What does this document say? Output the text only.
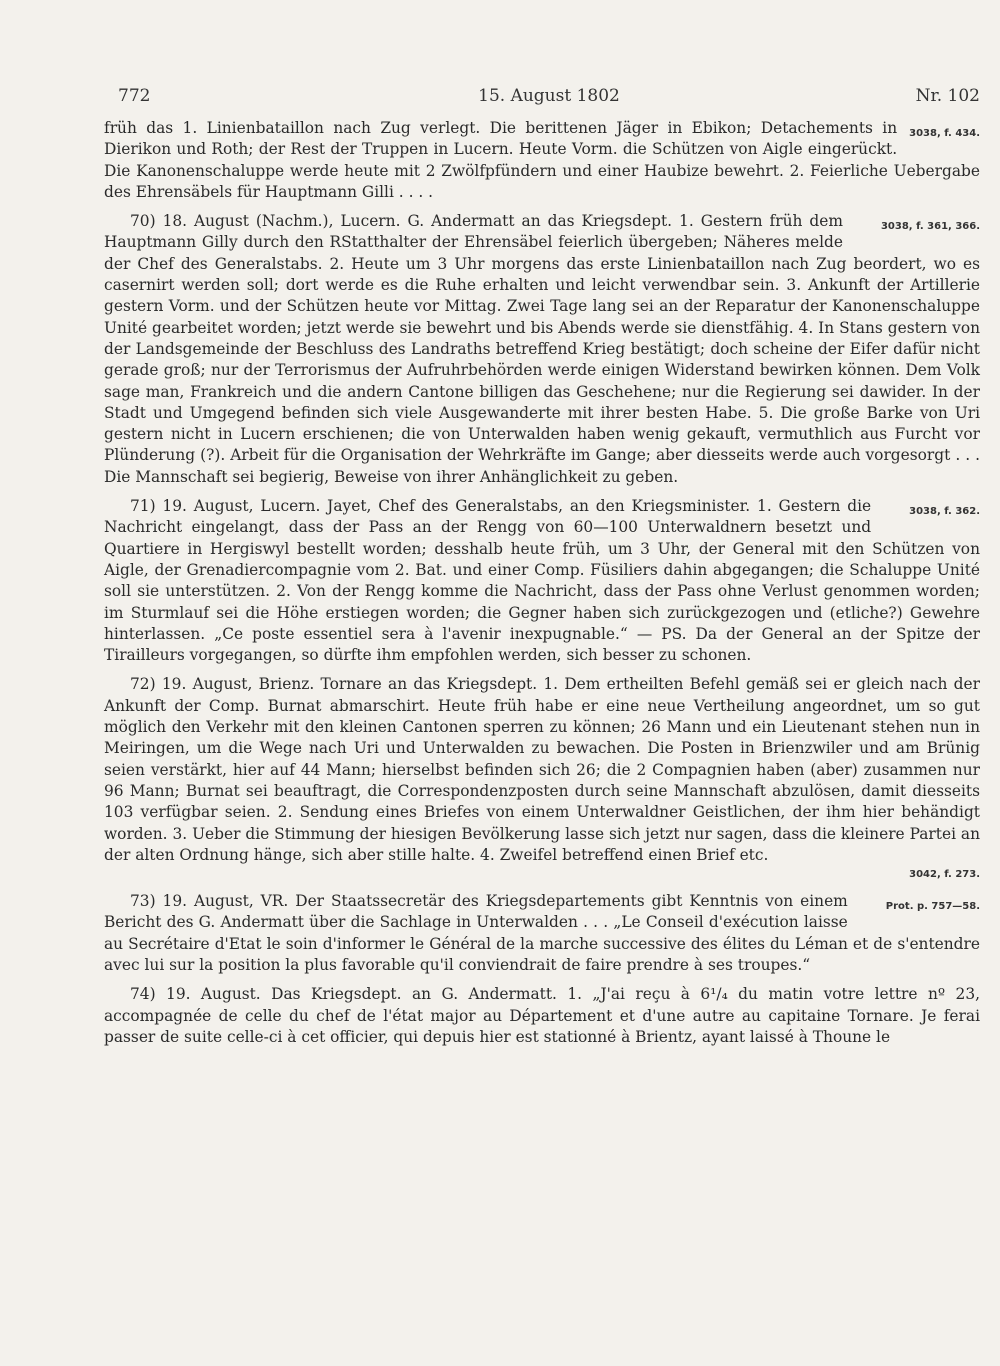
772	15. August 1802	Nr. 102

3038, f. 434.
früh das 1. Linienbataillon nach Zug verlegt. Die berittenen Jäger in Ebikon; Detachements in Dierikon und Roth; der Rest der Truppen in Lucern. Heute Vorm. die Schützen von Aigle eingerückt. Die Kanonenschaluppe werde heute mit 2 Zwölfpfündern und einer Haubize bewehrt. 2. Feierliche Uebergabe des Ehrensäbels für Hauptmann Gilli . . . .

3038, f. 361, 366.
70) 18. August (Nachm.), Lucern. G. Andermatt an das Kriegsdept. 1. Gestern früh dem Hauptmann Gilly durch den RStatthalter der Ehrensäbel feierlich übergeben; Näheres melde der Chef des Generalstabs. 2. Heute um 3 Uhr morgens das erste Linienbataillon nach Zug beordert, wo es casernirt werden soll; dort werde es die Ruhe erhalten und leicht verwendbar sein. 3. Ankunft der Artillerie gestern Vorm. und der Schützen heute vor Mittag. Zwei Tage lang sei an der Reparatur der Kanonenschaluppe Unité gearbeitet worden; jetzt werde sie bewehrt und bis Abends werde sie dienstfähig. 4. In Stans gestern von der Landsgemeinde der Beschluss des Landraths betreffend Krieg bestätigt; doch scheine der Eifer dafür nicht gerade groß; nur der Terrorismus der Aufruhrbehörden werde einigen Widerstand bewirken können. Dem Volk sage man, Frankreich und die andern Cantone billigen das Geschehene; nur die Regierung sei dawider. In der Stadt und Umgegend befinden sich viele Ausgewanderte mit ihrer besten Habe. 5. Die große Barke von Uri gestern nicht in Lucern erschienen; die von Unterwalden haben wenig gekauft, vermuthlich aus Furcht vor Plünderung (?). Arbeit für die Organisation der Wehrkräfte im Gange; aber diesseits werde auch vorgesorgt . . . Die Mannschaft sei begierig, Beweise von ihrer Anhänglichkeit zu geben.

3038, f. 362.
71) 19. August, Lucern. Jayet, Chef des Generalstabs, an den Kriegsminister. 1. Gestern die Nachricht eingelangt, dass der Pass an der Rengg von 60—100 Unterwaldnern besetzt und Quartiere in Hergiswyl bestellt worden; desshalb heute früh, um 3 Uhr, der General mit den Schützen von Aigle, der Grenadiercompagnie vom 2. Bat. und einer Comp. Füsiliers dahin abgegangen; die Schaluppe Unité soll sie unterstützen. 2. Von der Rengg komme die Nachricht, dass der Pass ohne Verlust genommen worden; im Sturmlauf sei die Höhe erstiegen worden; die Gegner haben sich zurückgezogen und (etliche?) Gewehre hinterlassen. „Ce poste essentiel sera à l'avenir inexpugnable.“ — PS. Da der General an der Spitze der Tirailleurs vorgegangen, so dürfte ihm empfohlen werden, sich besser zu schonen.

72) 19. August, Brienz. Tornare an das Kriegsdept. 1. Dem ertheilten Befehl gemäß sei er gleich nach der Ankunft der Comp. Burnat abmarschirt. Heute früh habe er eine neue Vertheilung angeordnet, um so gut möglich den Verkehr mit den kleinen Cantonen sperren zu können; 26 Mann und ein Lieutenant stehen nun in Meiringen, um die Wege nach Uri und Unterwalden zu bewachen. Die Posten in Brienzwiler und am Brünig seien verstärkt, hier auf 44 Mann; hierselbst befinden sich 26; die 2 Compagnien haben (aber) zusammen nur 96 Mann; Burnat sei beauftragt, die Correspondenzposten durch seine Mannschaft abzulösen, damit diesseits 103 verfügbar seien. 2. Sendung eines Briefes von einem Unterwaldner Geistlichen, der ihm hier behändigt worden. 3. Ueber die Stimmung der hiesigen Bevölkerung lasse sich jetzt nur sagen, dass die kleinere Partei an der alten Ordnung hänge, sich aber stille halte. 4. Zweifel betreffend einen Brief etc.
3042, f. 273.

Prot. p. 757—58.
73) 19. August, VR. Der Staatssecretär des Kriegsdepartements gibt Kenntnis von einem Bericht des G. Andermatt über die Sachlage in Unterwalden . . . „Le Conseil d'exécution laisse au Secrétaire d'Etat le soin d'informer le Général de la marche successive des élites du Léman et de s'entendre avec lui sur la position la plus favorable qu'il conviendrait de faire prendre à ses troupes.“

74) 19. August. Das Kriegsdept. an G. Andermatt. 1. „J'ai reçu à 6¹/₄ du matin votre lettre nº 23, accompagnée de celle du chef de l'état major au Département et d'une autre au capitaine Tornare. Je ferai passer de suite celle-ci à cet officier, qui depuis hier est stationné à Brientz, ayant laissé à Thoune le
